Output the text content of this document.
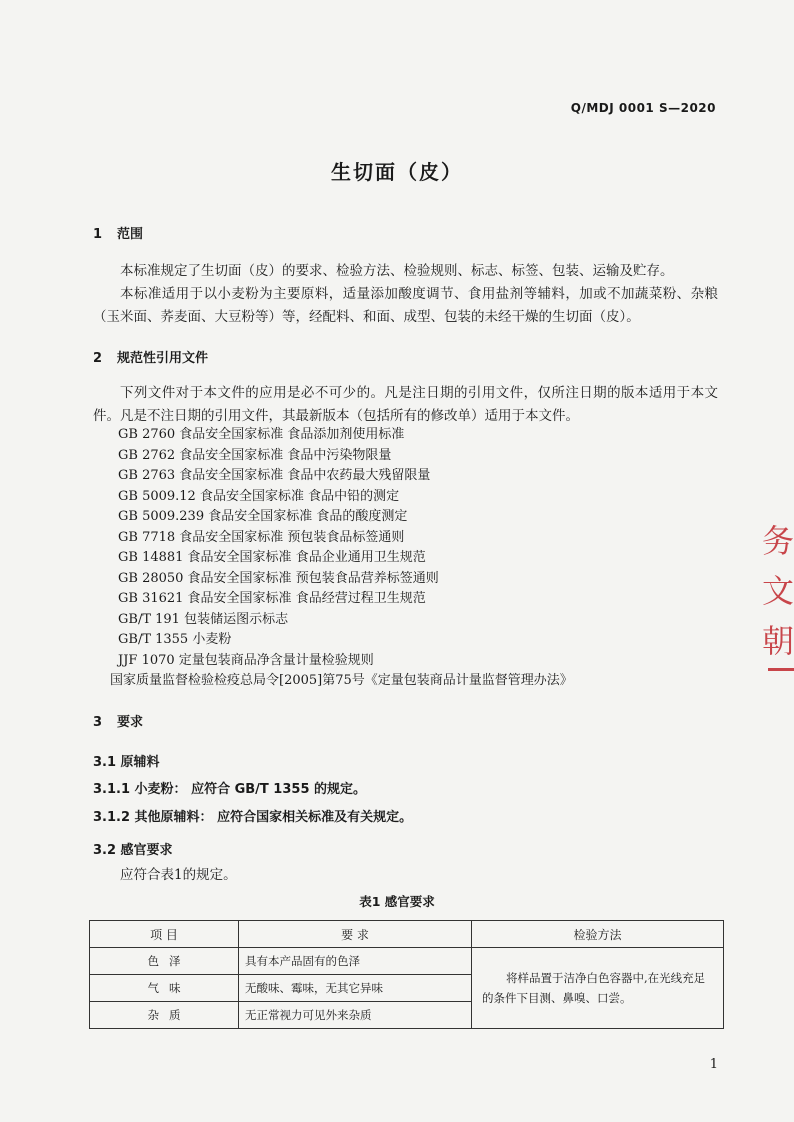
Q/MDJ 0001 S—2020
生切面（皮）
1 范围
本标准规定了生切面（皮）的要求、检验方法、检验规则、标志、标签、包装、运输及贮存。
本标准适用于以小麦粉为主要原料，适量添加酸度调节、食用盐剂等辅料，加或不加蔬菜粉、杂粮（玉米面、荞麦面、大豆粉等）等，经配料、和面、成型、包装的未经干燥的生切面（皮）。
2 规范性引用文件
下列文件对于本文件的应用是必不可少的。凡是注日期的引用文件，仅所注日期的版本适用于本文件。凡是不注日期的引用文件，其最新版本（包括所有的修改单）适用于本文件。
GB 2760 食品安全国家标准 食品添加剂使用标准
GB 2762 食品安全国家标准 食品中污染物限量
GB 2763 食品安全国家标准 食品中农药最大残留限量
GB 5009.12 食品安全国家标准 食品中铅的测定
GB 5009.239 食品安全国家标准 食品的酸度测定
GB 7718 食品安全国家标准 预包装食品标签通则
GB 14881 食品安全国家标准 食品企业通用卫生规范
GB 28050 食品安全国家标准 预包装食品营养标签通则
GB 31621 食品安全国家标准 食品经营过程卫生规范
GB/T 191 包装储运图示标志
GB/T 1355 小麦粉
JJF 1070 定量包装商品净含量计量检验规则
国家质量监督检验检疫总局令[2005]第75号《定量包装商品计量监督管理办法》
3 要求
3.1 原辅料
3.1.1 小麦粉： 应符合 GB/T 1355 的规定。
3.1.2 其他原辅料： 应符合国家相关标准及有关规定。
3.2 感官要求
应符合表1的规定。
表1 感官要求
项 目	要 求	检验方法
色泽	具有本产品固有的色泽	将样品置于洁净白色容器中,在光线充足的条件下目测、鼻嗅、口尝。
气味	无酸味、霉味，无其它异味	
杂质	无正常视力可见外来杂质	
1
务文朝
